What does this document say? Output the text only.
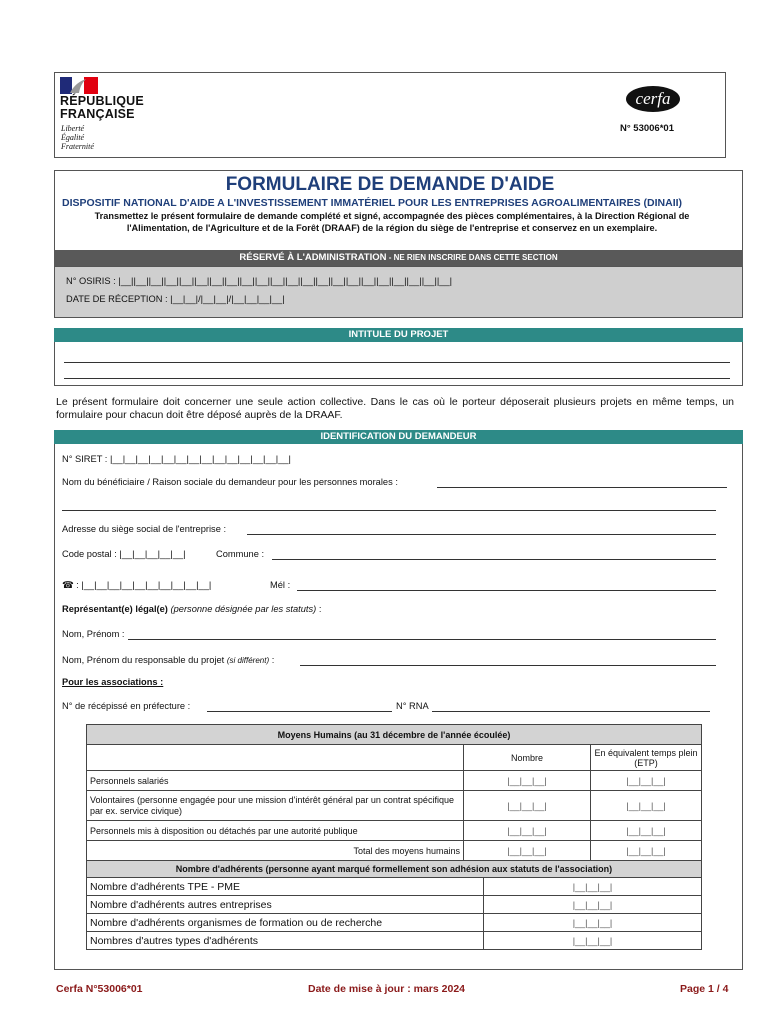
RÉPUBLIQUE
FRANÇAISE
Liberté
Égalité
Fraternité
cerfa
N° 53006*01
FORMULAIRE DE DEMANDE D'AIDE
DISPOSITIF NATIONAL D'AIDE A L'INVESTISSEMENT IMMATÉRIEL POUR LES ENTREPRISES AGROALIMENTAIRES (DINAII)
Transmettez le présent formulaire de demande complété et signé, accompagnée des pièces complémentaires, à la Direction Régional de l'Alimentation, de l'Agriculture et de la Forêt (DRAAF) de la région du siège de l'entreprise et conservez en un exemplaire.
RÉSERVÉ À L'ADMINISTRATION - NE RIEN INSCRIRE DANS CETTE SECTION
N° OSIRIS : |__||__||__||__||__||__||__||__||__||__||__||__||__||__||__||__||__||__||__||__||__||__|
DATE DE RÉCEPTION : |__|__|/|__|__|/|__|__|__|__|
INTITULE DU PROJET
Le présent formulaire doit concerner une seule action collective. Dans le cas où le porteur déposerait plusieurs projets en même temps, un formulaire pour chacun doit être déposé auprès de la DRAAF.
IDENTIFICATION DU DEMANDEUR
N° SIRET : |__|__|__|__|__|__|__|__|__|__|__|__|__|__|
Nom du bénéficiaire / Raison sociale du demandeur pour les personnes morales :
Adresse du siège social de l'entreprise :
Code postal : |__|__|__|__|__|	Commune :
☎ : |__|__|__|__|__|__|__|__|__|__|	Mél :
Représentant(e) légal(e) (personne désignée par les statuts) :
Nom, Prénom :
Nom, Prénom du responsable du projet (si différent) :
Pour les associations :
N° de récépissé en préfecture :	N° RNA
Moyens Humains (au 31 décembre de l'année écoulée)		
	Nombre	En équivalent temps plein (ETP)
Personnels salariés	|__|__|__|	|__|__|__|
Volontaires (personne engagée pour une mission d'intérêt général par un contrat spécifique par ex. service civique)	|__|__|__|	|__|__|__|
Personnels mis à disposition ou détachés par une autorité publique	|__|__|__|	|__|__|__|
Total des moyens humains	|__|__|__|	|__|__|__|
Nombre d'adhérents (personne ayant marqué formellement son adhésion aux statuts de l'association)	
Nombre d'adhérents TPE - PME	|__|__|__|
Nombre d'adhérents autres entreprises	|__|__|__|
Nombre d'adhérents organismes de formation ou de recherche	|__|__|__|
Nombres d'autres types d'adhérents	|__|__|__|
Cerfa N°53006*01	Date de mise à jour : mars 2024	Page 1 / 4
